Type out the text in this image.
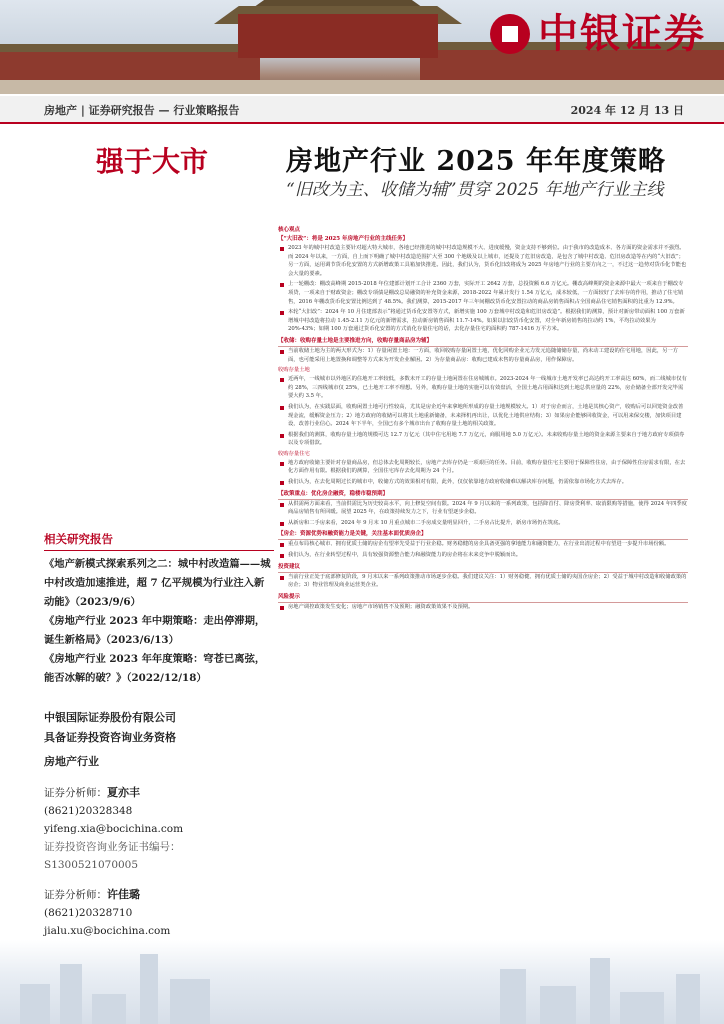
中银证券
房地产 | 证券研究报告 — 行业策略报告	2024 年 12 月 13 日
强于大市	房地产行业 2025 年年度策略
“旧改为主、收储为辅”贯穿 2025 年地产行业主线
相关研究报告
《地产新模式探索系列之二：城中村改造篇——城中村改造加速推进，超 7 亿平规模为行业注入新动能》（2023/9/6）
《房地产行业 2023 年中期策略：走出停滞期，诞生新格局》（2023/6/13）
《房地产行业 2023 年年度策略：穹苍已离弦，能否冰解的破？》（2022/12/18）
中银国际证券股份有限公司
具备证券投资咨询业务资格
房地产行业
证券分析师：夏亦丰
(8621)20328348
yifeng.xia@bocichina.com
证券投资咨询业务证书编号：S1300521070005
证券分析师：许佳璐
(8621)20328710
jialu.xu@bocichina.com
核心观点
【“大旧改”：将是 2025 年房地产行业的主线任务】
2023 年的城中村改造主要针对超大特大城市，各地已经推进的城中村改造规模不大、进度缓慢，资金支持不够到位。由于我市的改造成本、各方面的资金需求并不强烈。而 2024 年以来，一方面，自上而下明确了城中村改造范围扩大至 300 个地级及以上城市，还提及了危旧房改造，是包含了城中村改造、危旧房改造等在内的“大旧改”；另一方面，运用调节货币化安置的方式新增政策工具箱加快推进。因此，我们认为，货币化旧改将成为 2025 年房地产行业的主要方向之一，不过这一趋势对货币化节能也会大量的要素。
上一轮棚改：棚改高峰期 2015-2018 年位建部计划开工合计 2360 万套，实际开工 2642 万套，总投资额 6.6 万亿元。棚改高峰期的资金来源中最大一项来自于棚改专项贷，一项来自于财政资金；棚改专项债是棚改总局融资的补充资金来源，2018-2022 年累计发行 1.54 万亿元，成本较低，一方面较好了去库存的作用，推动了住宅销售，2016 年棚改货币化安置比例达到了 48.5%。我们测算，2015-2017 年三年间棚改货币化安置拉动的商品房销售面积占全国商品住宅销售面积的比重为 12.9%。
本轮“大旧改”：2024 年 10 月住建部表示“将通过货币化安置等方式，新增实施 100 万套城中村改造和危旧房改造”。根据我们的测算，预计对新房带动面积 100 万套新增城中村改造将拉动 1.45-2.11 万亿元的新增需求，拉动新房销售面积 11.7-14%。如果以旧改货币化安置，对全年新房销售的拉动约 1%，平均拉动效果为 20%-43%；如期 100 万套通过货币化安置的方式消化存量住宅的话，去化存量住宅的面积约 787-1416 万平方米。
【收储：收购存量土地是主要推进方向，收购存量商品房为辅】
当前收储土地为主的两大形式为：1）存量闲置土地：一方面，收回收购存量闲置土地，优化回购企业元力发元追随储储存量，尚未动工建设的住宅用地，因此，另一方面，也可能采用上地置换和调整等方式来为开发企业解困。2）为存量商品房：收购已建成未售的存量商品房，用作保障房。
收购存量土地
近两年，一线城市以外地区的住地开工率较低，多数未开工的存量土地闲置在住房城城市。2023-2024 年一线城市土地开发率已高达约开工率高达 60%，而二线城市仅有约 28%，三四线城市仅 25%，已土地开工率不理想。另外，收购存量土地的实施可以有效盘活，全国土地占用面积达到土地总供应量的 22%，房企储备全部开发完毕需要大约 3.5 年。
我们认为，在实践层面，收购闲置土地可行性较高，尤其是房企近年来拿地所形成的存量土地规模较大。1）对于房企而言，土地是其核心资产，收购后可以回笼资金改善现金流，缓解资金压力；2）地方政府的收储可以将其土地重新储备，未来择机再出让，以优化土地供应结构；3）如果房企能够回收资金，可以用来保交楼，加快项目建设，改善行业信心。2024 年下半年，全国已有多个城市出台了收购存量土地的相关政策。
根据我们的测算，收购存量土地的规模可达 12.7 万亿元（其中住宅用地 7.7 万亿元，商服用地 5.0 万亿元）。未来收购存量土地的资金来源主要来自于地方政府专项债券以及专项借款。
收购存量住宅
地方政府收储主要针对存量商品房，但总体去化周期较长，房地产去库存仍是一项艰巨的任务。目前，收购存量住宅主要用于保障性住房，由于保障性住房需求有限，在去化方面作用有限。根据我们的测算，全国住宅库存去化周期为 24 个月。
我们认为，在去化周期过长的城市中，收储方式的效果相对有限，此外，仅仅依靠地方政府收储难以解决库存问题，仍需依靠市场化方式去库存。
【政策重点：优化房企融资，稳楼市稳预期】
从供需两方面来看，当前供需比为历史较高水平，向上修复空间有限。2024 年 9 月以来的一系列政策，包括降首付、降房贷利率、取消限购等措施，使得 2024 年四季度商品房销售有所回暖。展望 2025 年，在政策持续发力之下，行业有望逐步企稳。
从新房和二手房来看，2024 年 9 月末 10 月重点城市二手房成交量明显回升，二手房占比提升，新房市场仍在筑底。
【房企：资源优势和融资能力是关键，关注基本面优质房企】
重点布局核心城市、拥有优质土储的房企有望率先受益于行业企稳。财务稳健的房企具备更强的拿地能力和融资能力，在行业出清过程中有望进一步提升市场份额。
我们认为，在行业转型过程中，具有较强资源整合能力和融资能力的房企将在未来竞争中脱颖而出。
投资建议
当前行业正处于底部修复阶段，9 月末以来一系列政策推动市场逐步企稳。我们建议关注：1）财务稳健、拥有优质土储的央国企房企；2）受益于城中村改造和收储政策的房企；3）物业管理及商业运营类企业。
风险提示
房地产调控政策发生变化；房地产市场销售不及预期；融资政策效果不及预期。
